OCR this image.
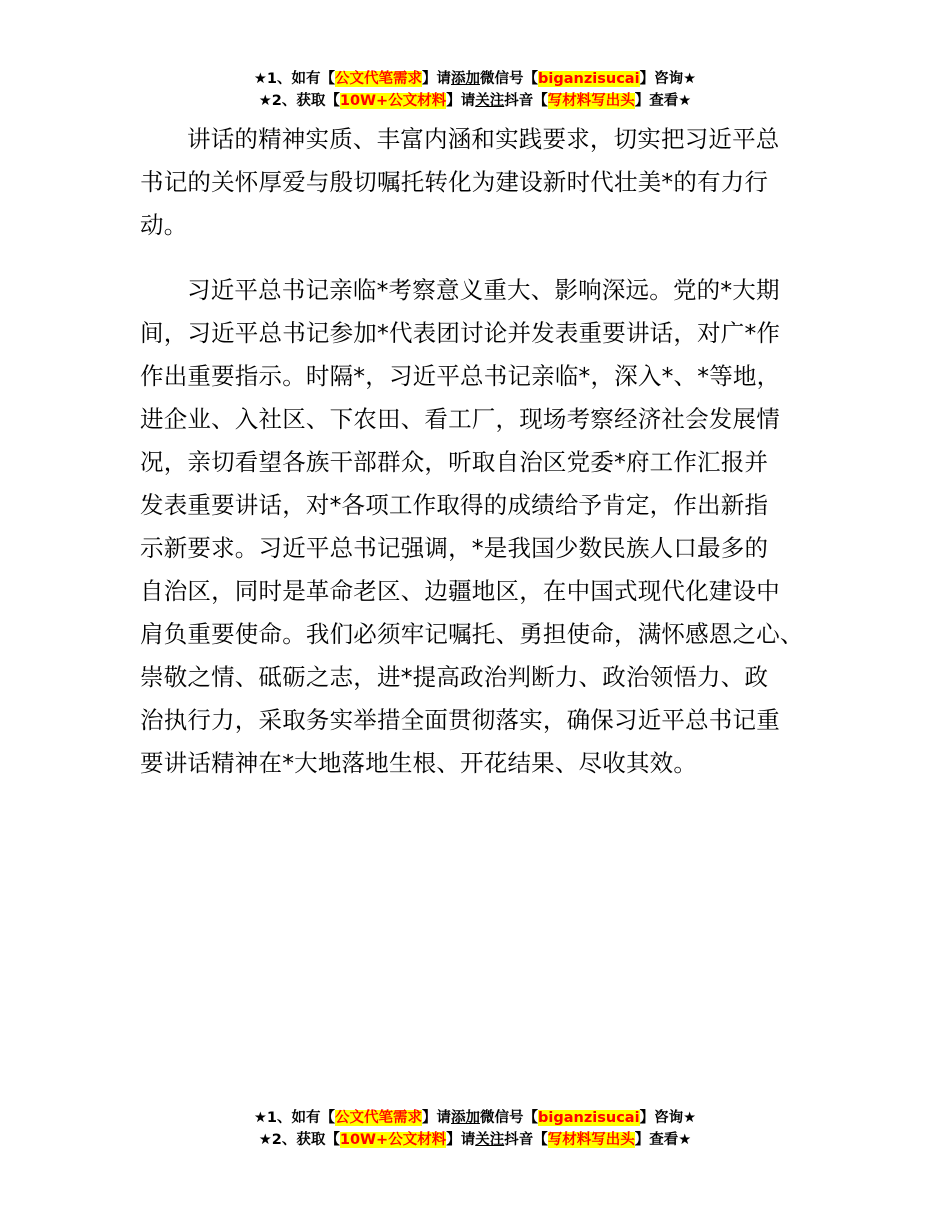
★1、如有【公文代笔需求】请添加微信号【biganzisucai】咨询★
★2、获取【10W+公文材料】请关注抖音【写材料写出头】查看★

讲话的精神实质、丰富内涵和实践要求，切实把习近平总
书记的关怀厚爱与殷切嘱托转化为建设新时代壮美*的有力行
动。

习近平总书记亲临*考察意义重大、影响深远。党的*大期
间，习近平总书记参加*代表团讨论并发表重要讲话，对广*作
作出重要指示。时隔*，习近平总书记亲临*，深入*、*等地，
进企业、入社区、下农田、看工厂，现场考察经济社会发展情
况，亲切看望各族干部群众，听取自治区党委*府工作汇报并
发表重要讲话，对*各项工作取得的成绩给予肯定，作出新指
示新要求。习近平总书记强调，*是我国少数民族人口最多的
自治区，同时是革命老区、边疆地区，在中国式现代化建设中
肩负重要使命。我们必须牢记嘱托、勇担使命，满怀感恩之心、
崇敬之情、砥砺之志，进*提高政治判断力、政治领悟力、政
治执行力，采取务实举措全面贯彻落实，确保习近平总书记重
要讲话精神在*大地落地生根、开花结果、尽收其效。

★1、如有【公文代笔需求】请添加微信号【biganzisucai】咨询★
★2、获取【10W+公文材料】请关注抖音【写材料写出头】查看★
